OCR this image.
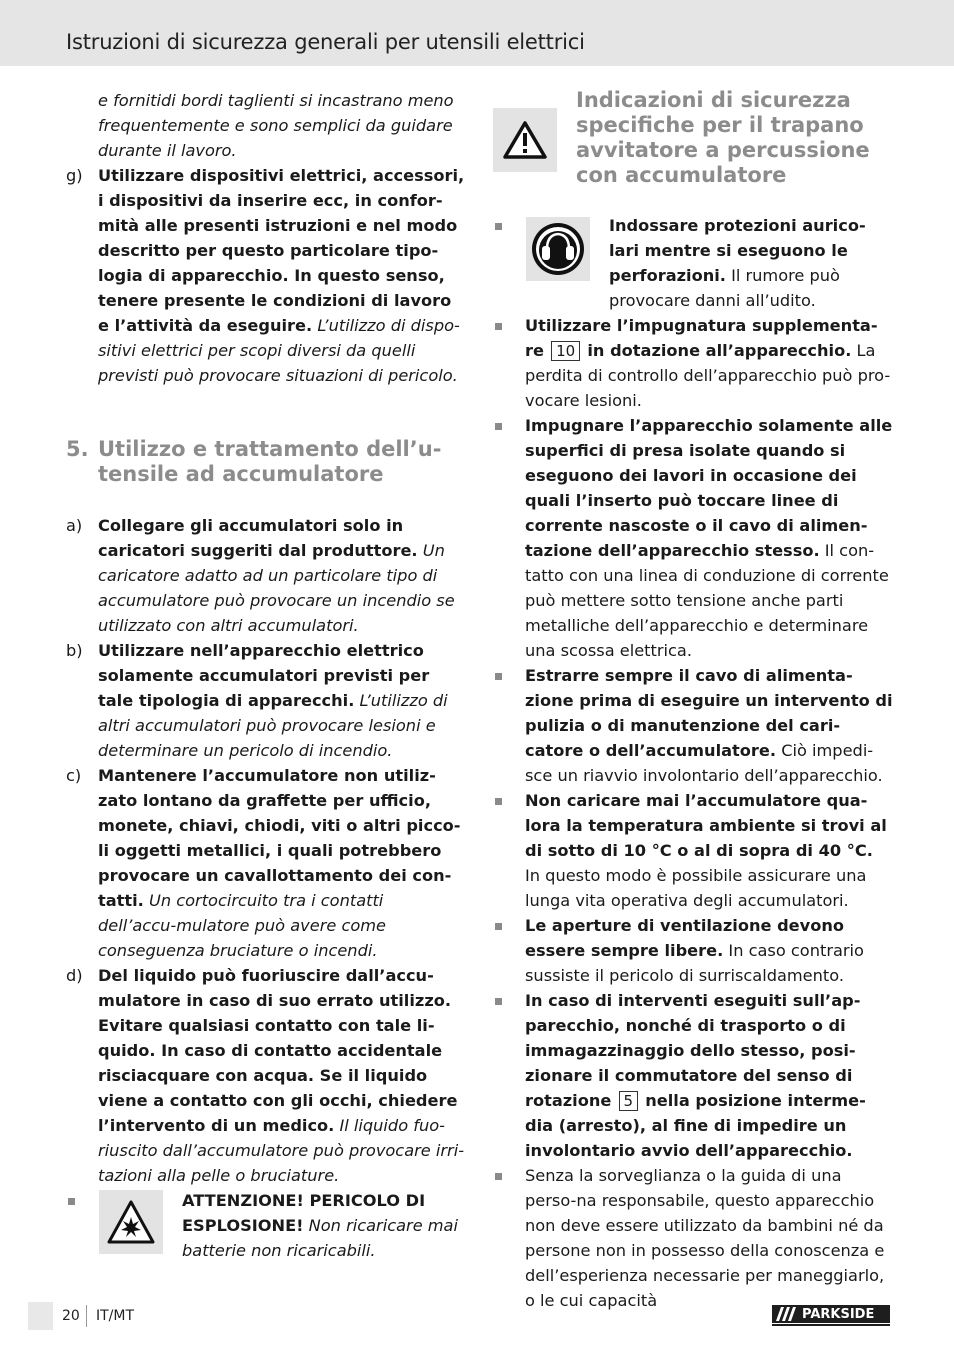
Istruzioni di sicurezza generali per utensili elettrici

e fornitidi bordi taglienti si incastrano meno frequentemente e sono semplici da guidare durante il lavoro.

g) Utilizzare dispositivi elettrici, accessori, i dispositivi da inserire ecc, in confor-mità alle presenti istruzioni e nel modo descritto per questo particolare tipo-logia di apparecchio. In questo senso, tenere presente le condizioni di lavoro e l’attività da eseguire. L’utilizzo di dispo-sitivi elettrici per scopi diversi da quelli previsti può provocare situazioni di pericolo.

5. Utilizzo e trattamento dell’u-tensile ad accumulatore

a) Collegare gli accumulatori solo in caricatori suggeriti dal produttore. Un caricatore adatto ad un particolare tipo di accumulatore può provocare un incendio se utilizzato con altri accumulatori.

b) Utilizzare nell’apparecchio elettrico solamente accumulatori previsti per tale tipologia di apparecchi. L’utilizzo di altri accumulatori può provocare lesioni e determinare un pericolo di incendio.

c) Mantenere l’accumulatore non utiliz-zato lontano da graffette per ufficio, monete, chiavi, chiodi, viti o altri picco-li oggetti metallici, i quali potrebbero provocare un cavallottamento dei con-tatti. Un cortocircuito tra i contatti dell’accu-mulatore può avere come conseguenza bruciature o incendi.

d) Del liquido può fuoriuscire dall’accu-mulatore in caso di suo errato utilizzo. Evitare qualsiasi contatto con tale li-quido. In caso di contatto accidentale risciacquare con acqua. Se il liquido viene a contatto con gli occhi, chiedere l’intervento di un medico. Il liquido fuo-riuscito dall’accumulatore può provocare irri-tazioni alla pelle o bruciature.

ATTENZIONE! PERICOLO DI ESPLOSIONE! Non ricaricare mai batterie non ricaricabili.

Indicazioni di sicurezza specifiche per il trapano avvitatore a percussione con accumulatore

Indossare protezioni aurico-lari mentre si eseguono le perforazioni. Il rumore può provocare danni all’udito.

Utilizzare l’impugnatura supplementa-re 10 in dotazione all’apparecchio. La perdita di controllo dell’apparecchio può pro-vocare lesioni.

Impugnare l’apparecchio solamente alle superfici di presa isolate quando si eseguono dei lavori in occasione dei quali l’inserto può toccare linee di corrente nascoste o il cavo di alimen-tazione dell’apparecchio stesso. Il con-tatto con una linea di conduzione di corrente può mettere sotto tensione anche parti metalliche dell’apparecchio e determinare una scossa elettrica.

Estrarre sempre il cavo di alimenta-zione prima di eseguire un intervento di pulizia o di manutenzione del cari-catore o dell’accumulatore. Ciò impedi-sce un riavvio involontario dell’apparecchio.

Non caricare mai l’accumulatore qua-lora la temperatura ambiente si trovi al di sotto di 10 °C o al di sopra di 40 °C. In questo modo è possibile assicurare una lunga vita operativa degli accumulatori.

Le aperture di ventilazione devono essere sempre libere. In caso contrario sussiste il pericolo di surriscaldamento.

In caso di interventi eseguiti sull’ap-parecchio, nonché di trasporto o di immagazzinaggio dello stesso, posi-zionare il commutatore del senso di rotazione 5 nella posizione interme-dia (arresto), al fine di impedire un involontario avvio dell’apparecchio.

Senza la sorveglianza o la guida di una perso-na responsabile, questo apparecchio non deve essere utilizzato da bambini né da persone non in possesso della conoscenza e dell’esperienza necessarie per maneggiarlo, o le cui capacità

20 IT/MT	PARKSIDE
